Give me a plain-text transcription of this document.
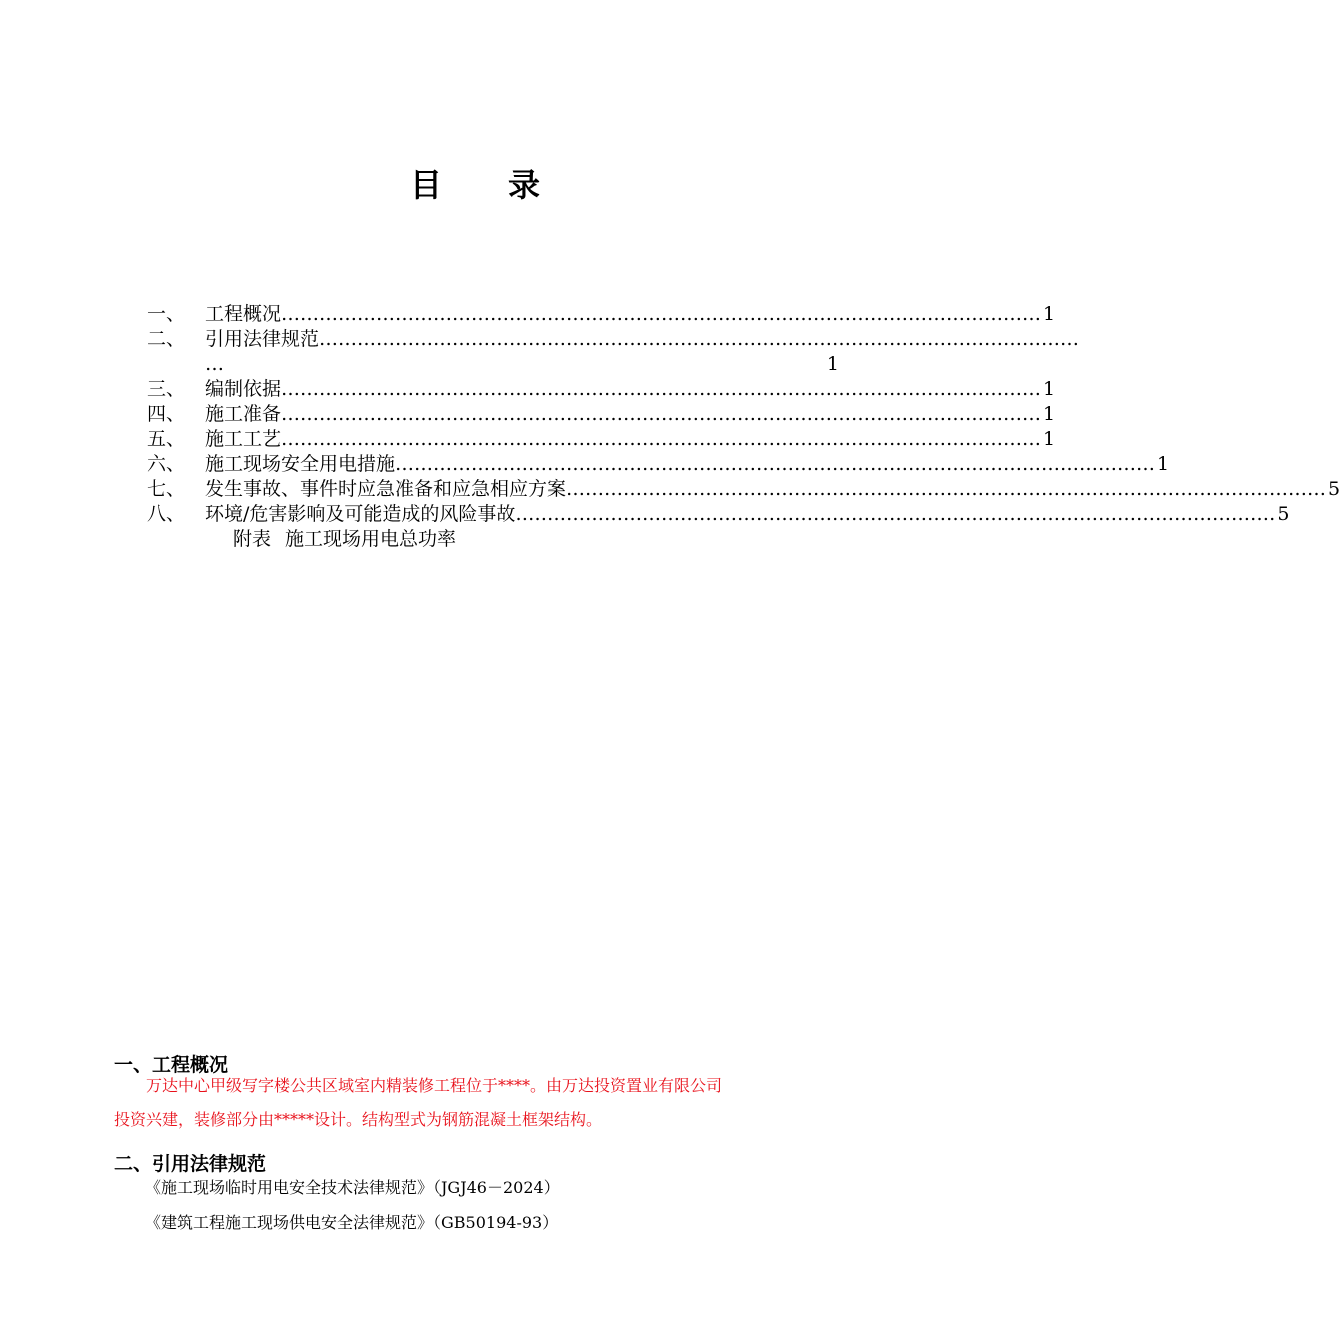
目 录
一、	工程概况 ………………………………………………………………………………………………………… 1
二、	引用法律规范 …………………………………………………………………………………………………………
…	1
三、	编制依据 ………………………………………………………………………………………………………… 1
四、	施工准备 ………………………………………………………………………………………………………… 1
五、	施工工艺 ………………………………………………………………………………………………………… 1
六、	施工现场安全用电措施 ………………………………………………………………………………………………………… 1
七、	发生事故、事件时应急准备和应急相应方案 ………………………………………………………………………………………………………… 5
八、	环境/危害影响及可能造成的风险事故 ………………………………………………………………………………………………………… 5
附表 施工现场用电总功率
一、工程概况
万达中心甲级写字楼公共区域室内精装修工程位于****。由万达投资置业有限公司
投资兴建，装修部分由*****设计。结构型式为钢筋混凝土框架结构。
二、引用法律规范
《施工现场临时用电安全技术法律规范》（JGJ46－2024）
《建筑工程施工现场供电安全法律规范》（GB50194-93）
